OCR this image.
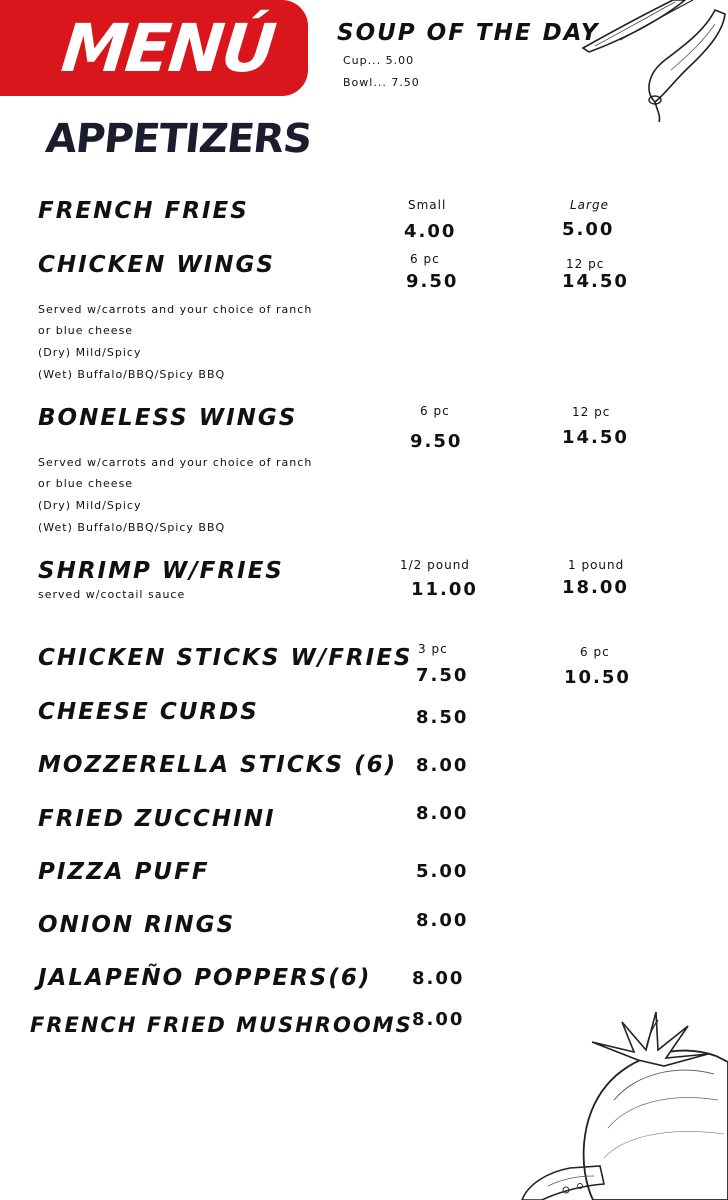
MENÚ	SOUP OF THE DAY
Cup... 5.00
Bowl... 7.50
APPETIZERS
FRENCH FRIES	Small	Large
4.00	5.00
CHICKEN WINGS	6 pc	12 pc
9.50	14.50
Served w/carrots and your choice of ranch
or blue cheese
(Dry) Mild/Spicy
(Wet) Buffalo/BBQ/Spicy BBQ
BONELESS WINGS	6 pc	12 pc
9.50	14.50
Served w/carrots and your choice of ranch
or blue cheese
(Dry) Mild/Spicy
(Wet) Buffalo/BBQ/Spicy BBQ
SHRIMP W/FRIES
served w/coctail sauce
1/2 pound	1 pound
11.00	18.00
CHICKEN STICKS W/FRIES 3 pc	6 pc
7.50	10.50
CHEESE CURDS	8.50
MOZZERELLA STICKS (6) 8.00
FRIED ZUCCHINI	8.00
PIZZA PUFF	5.00
ONION RINGS	8.00
JALAPEÑO POPPERS(6) 8.00
FRENCH FRIED MUSHROOMS 8.00
